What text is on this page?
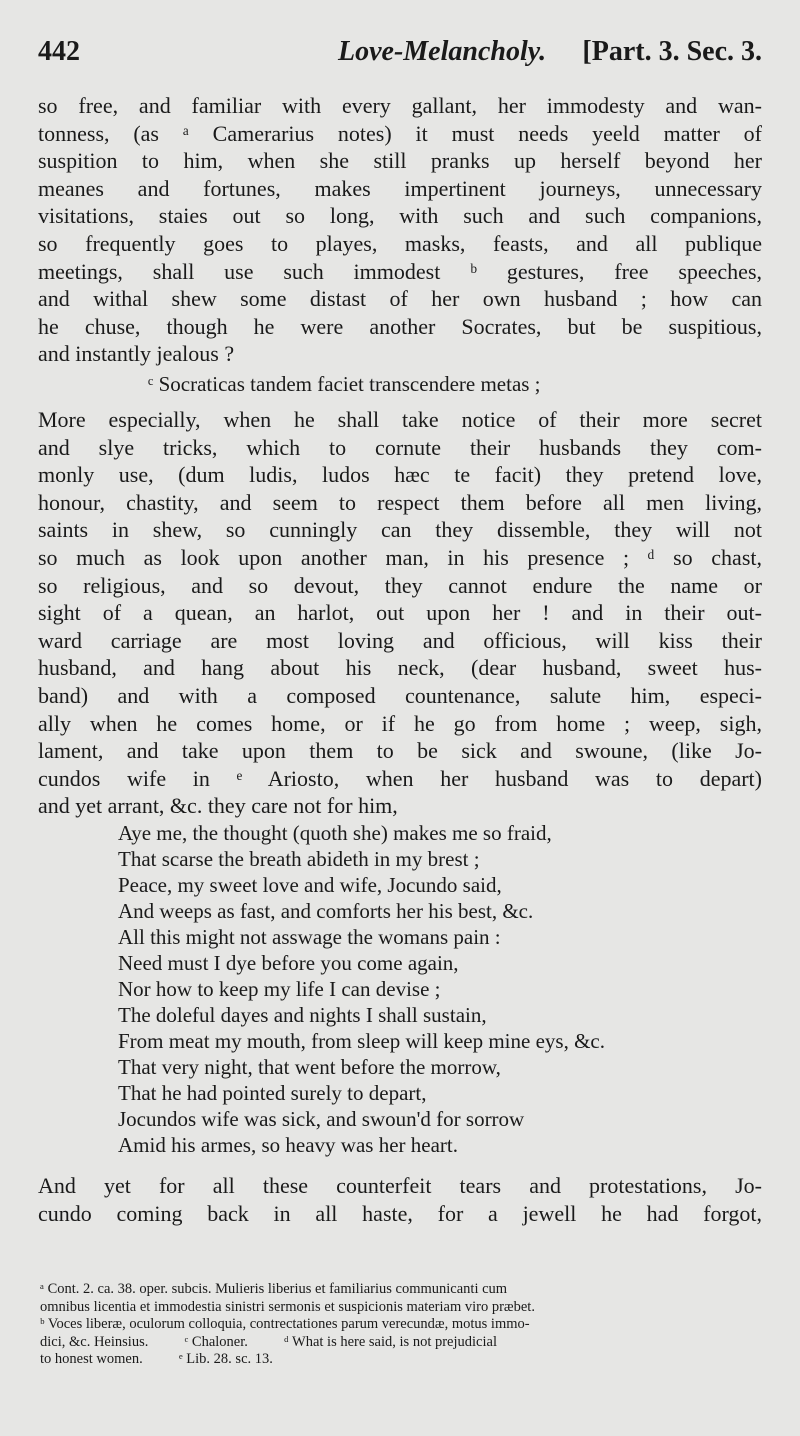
442	Love-Melancholy. [Part. 3. Sec. 3.
so free, and familiar with every gallant, her immodesty and wan-
tonness, (as ᵃ Camerarius notes) it must needs yeeld matter of
suspition to him, when she still pranks up herself beyond her
meanes and fortunes, makes impertinent journeys, unnecessary
visitations, staies out so long, with such and such companions,
so frequently goes to playes, masks, feasts, and all publique
meetings, shall use such immodest ᵇ gestures, free speeches,
and withal shew some distast of her own husband ; how can
he chuse, though he were another Socrates, but be suspitious,
and instantly jealous ?
ᶜ Socraticas tandem faciet transcendere metas ;
More especially, when he shall take notice of their more secret
and slye tricks, which to cornute their husbands they com-
monly use, (dum ludis, ludos hæc te facit) they pretend love,
honour, chastity, and seem to respect them before all men living,
saints in shew, so cunningly can they dissemble, they will not
so much as look upon another man, in his presence ; ᵈ so chast,
so religious, and so devout, they cannot endure the name or
sight of a quean, an harlot, out upon her ! and in their out-
ward carriage are most loving and officious, will kiss their
husband, and hang about his neck, (dear husband, sweet hus-
band) and with a composed countenance, salute him, especi-
ally when he comes home, or if he go from home ; weep, sigh,
lament, and take upon them to be sick and swoune, (like Jo-
cundos wife in ᵉ Ariosto, when her husband was to depart)
and yet arrant, &c. they care not for him,
Aye me, the thought (quoth she) makes me so fraid,
That scarse the breath abideth in my brest ;
Peace, my sweet love and wife, Jocundo said,
And weeps as fast, and comforts her his best, &c.
All this might not asswage the womans pain :
Need must I dye before you come again,
Nor how to keep my life I can devise ;
The doleful dayes and nights I shall sustain,
From meat my mouth, from sleep will keep mine eys, &c.
That very night, that went before the morrow,
That he had pointed surely to depart,
Jocundos wife was sick, and swoun'd for sorrow
Amid his armes, so heavy was her heart.
And yet for all these counterfeit tears and protestations, Jo-
cundo coming back in all haste, for a jewell he had forgot,
ᵃ Cont. 2. ca. 38. oper. subcis. Mulieris liberius et familiarius communicanti cum
omnibus licentia et immodestia sinistri sermonis et suspicionis materiam viro præbet.
ᵇ Voces liberæ, oculorum colloquia, contrectationes parum verecundæ, motus immo-
dici, &c. Heinsius.          ᶜ Chaloner.          ᵈ What is here said, is not prejudicial
to honest women.          ᵉ Lib. 28. sc. 13.
